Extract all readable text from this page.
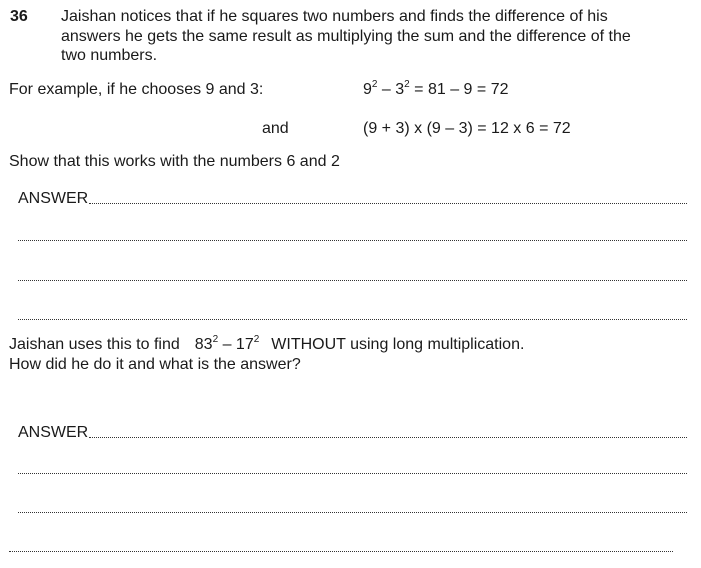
36 Jaishan notices that if he squares two numbers and finds the difference of his
answers he gets the same result as multiplying the sum and the difference of the
two numbers.
For example, if he chooses 9 and 3:	$9^2 - 3^2 = 81 - 9 = 72$
and	(9 + 3) x (9 – 3) = 12 x 6 = 72
Show that this works with the numbers 6 and 2
ANSWER
Jaishan uses this to find $83^2 - 17^2$ WITHOUT using long multiplication.
How did he do it and what is the answer?
ANSWER
